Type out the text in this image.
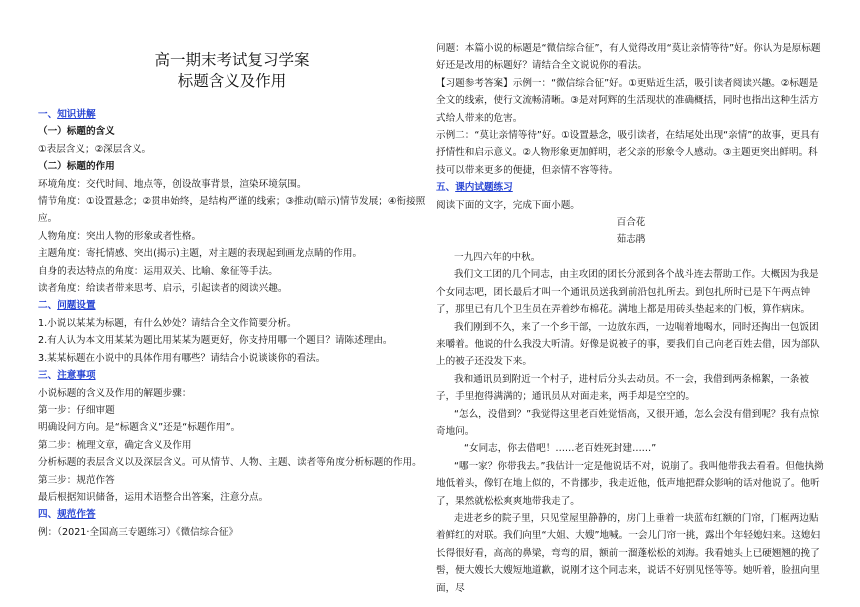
高一期末考试复习学案

标题含义及作用

一、知识讲解

（一）标题的含义

①表层含义；②深层含义。

（二）标题的作用

环境角度：交代时间、地点等，创设故事背景，渲染环境氛围。

情节角度：①设置悬念；②贯串始终，是结构严谨的线索；③推动(暗示)情节发展；④衔接照应。

人物角度：突出人物的形象或者性格。

主题角度：寄托情感、突出(揭示)主题，对主题的表现起到画龙点睛的作用。

自身的表达特点的角度：运用双关、比喻、象征等手法。

读者角度：给读者带来思考、启示，引起读者的阅读兴趣。

二、问题设置

1.小说以某某为标题，有什么妙处？请结合全文作简要分析。

2.有人认为本文用某某为题比用某某为题更好，你支持用哪一个题目？请陈述理由。

3.某某标题在小说中的具体作用有哪些？请结合小说谈谈你的看法。

三、注意事项

小说标题的含义及作用的解题步骤：

第一步：仔细审题

明确设问方向。是“标题含义”还是“标题作用”。

第二步：梳理文章，确定含义及作用

分析标题的表层含义以及深层含义。可从情节、人物、主题、读者等角度分析标题的作用。

第三步：规范作答

最后根据知识储备，运用术语整合出答案，注意分点。

四、规范作答

例：（2021·全国高三专题练习）《微信综合征》

问题：本篇小说的标题是“微信综合征”，有人觉得改用“莫让亲情等待”好。你认为是原标题好还是改用的标题好？请结合全文说说你的看法。

【习题参考答案】示例一：“微信综合征”好。①更贴近生活，吸引读者阅读兴趣。②标题是全文的线索，使行文流畅清晰。③是对阿辉的生活现状的准确概括，同时也指出这种生活方式给人带来的危害。

示例二：“莫让亲情等待”好。①设置悬念，吸引读者，在结尾处出现“亲情”的故事，更具有抒情性和启示意义。②人物形象更加鲜明，老父亲的形象令人感动。③主题更突出鲜明。科技可以带来更多的便捷，但亲情不容等待。

五、课内试题练习

阅读下面的文字，完成下面小题。

百合花

茹志鹃

一九四六年的中秋。

我们文工团的几个同志，由主攻团的团长分派到各个战斗连去帮助工作。大概因为我是个女同志吧，团长最后才叫一个通讯员送我到前沿包扎所去。到包扎所时已是下午两点钟了，那里已有几个卫生员在弄着纱布棉花。满地上都是用砖头垫起来的门板，算作病床。

我们刚到不久，来了一个乡干部，一边放东西，一边喘着地喝水，同时还掏出一包饭团来嚼着。他说的什么我没大听清。好像是说被子的事，要我们自己向老百姓去借，因为部队上的被子还没发下来。

我和通讯员到附近一个村子，进村后分头去动员。不一会，我借到两条棉絮，一条被子，手里抱得满满的；通讯员从对面走来，两手却是空空的。

“怎么，没借到？”我觉得这里老百姓觉悟高，又很开通，怎么会没有借到呢？我有点惊奇地问。

“女同志，你去借吧！……老百姓死封建……”

“哪一家？你带我去。”我估计一定是他说话不对，说崩了。我叫他带我去看看。但他执拗地低着头，像钉在地上似的，不肯挪步，我走近他，低声地把群众影响的话对他说了。他听了，果然就松松爽爽地带我走了。

走进老乡的院子里，只见堂屋里静静的，房门上垂着一块蓝布红额的门帘，门框两边贴着鲜红的对联。我们向里“大姐、大嫂”地喊。一会儿门帘一挑，露出个年轻媳妇来。这媳妇长得很好看，高高的鼻梁，弯弯的眉，额前一溜蓬松松的刘海。我看她头上已硬翘翘的挽了髻，便大嫂长大嫂短地道歉，说刚才这个同志来，说话不好别见怪等等。她听着，脸扭向里面，尽
